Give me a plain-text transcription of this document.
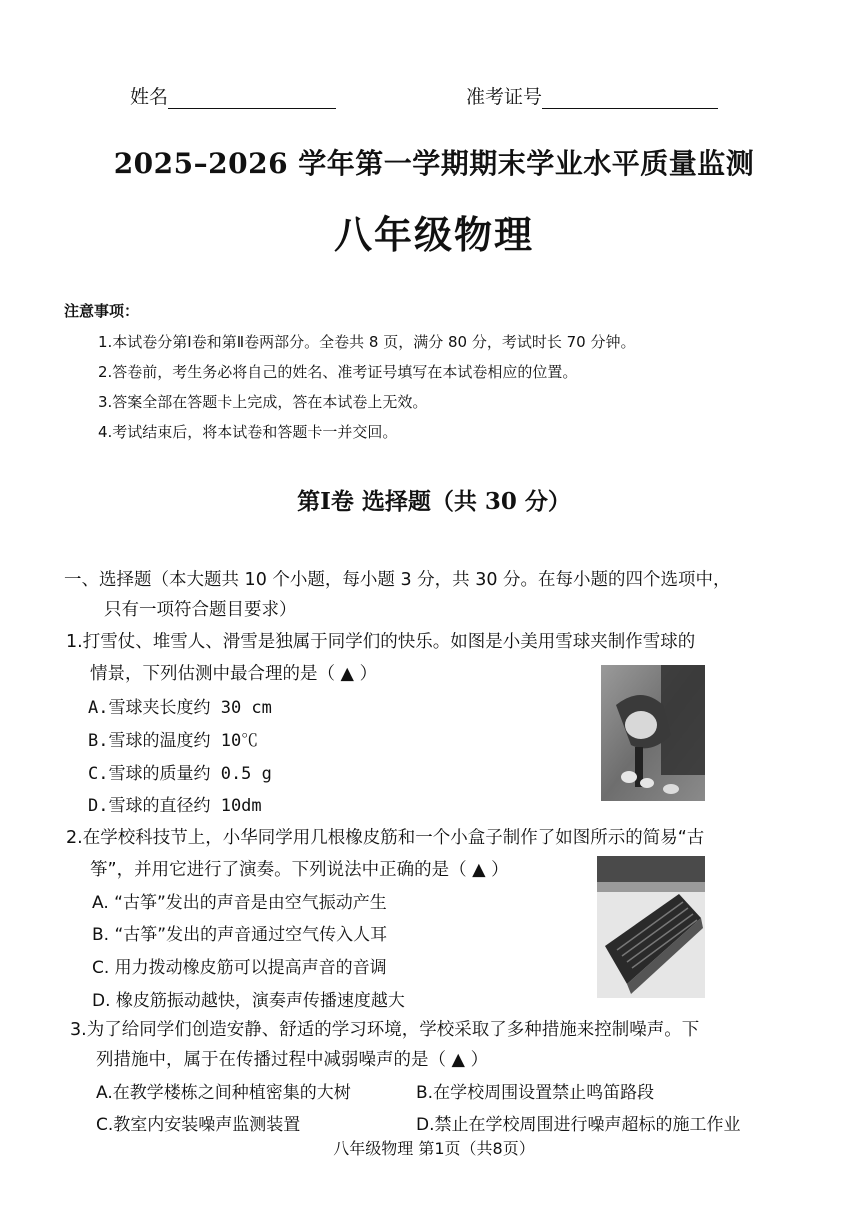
姓名	准考证号
2025–2026 学年第一学期期末学业水平质量监测
八年级物理
注意事项：
1.本试卷分第Ⅰ卷和第Ⅱ卷两部分。全卷共 8 页，满分 80 分，考试时长 70 分钟。
2.答卷前，考生务必将自己的姓名、准考证号填写在本试卷相应的位置。
3.答案全部在答题卡上完成，答在本试卷上无效。
4.考试结束后，将本试卷和答题卡一并交回。
第Ⅰ卷 选择题（共 30 分）
一、选择题（本大题共 10 个小题，每小题 3 分，共 30 分。在每小题的四个选项中，
只有一项符合题目要求）
1.打雪仗、堆雪人、滑雪是独属于同学们的快乐。如图是小美用雪球夹制作雪球的
情景，下列估测中最合理的是（ ▲ ）
A.雪球夹长度约 30 cm
B.雪球的温度约 10℃
C.雪球的质量约 0.5 g
D.雪球的直径约 10dm
2.在学校科技节上，小华同学用几根橡皮筋和一个小盒子制作了如图所示的简易“古
筝”，并用它进行了演奏。下列说法中正确的是（ ▲ ）
A. “古筝”发出的声音是由空气振动产生
B. “古筝”发出的声音通过空气传入人耳
C. 用力拨动橡皮筋可以提高声音的音调
D. 橡皮筋振动越快，演奏声传播速度越大
3.为了给同学们创造安静、舒适的学习环境，学校采取了多种措施来控制噪声。下
列措施中，属于在传播过程中减弱噪声的是（ ▲ ）
A.在教学楼栋之间种植密集的大树	B.在学校周围设置禁止鸣笛路段
C.教室内安装噪声监测装置	D.禁止在学校周围进行噪声超标的施工作业
八年级物理 第1页（共8页）
